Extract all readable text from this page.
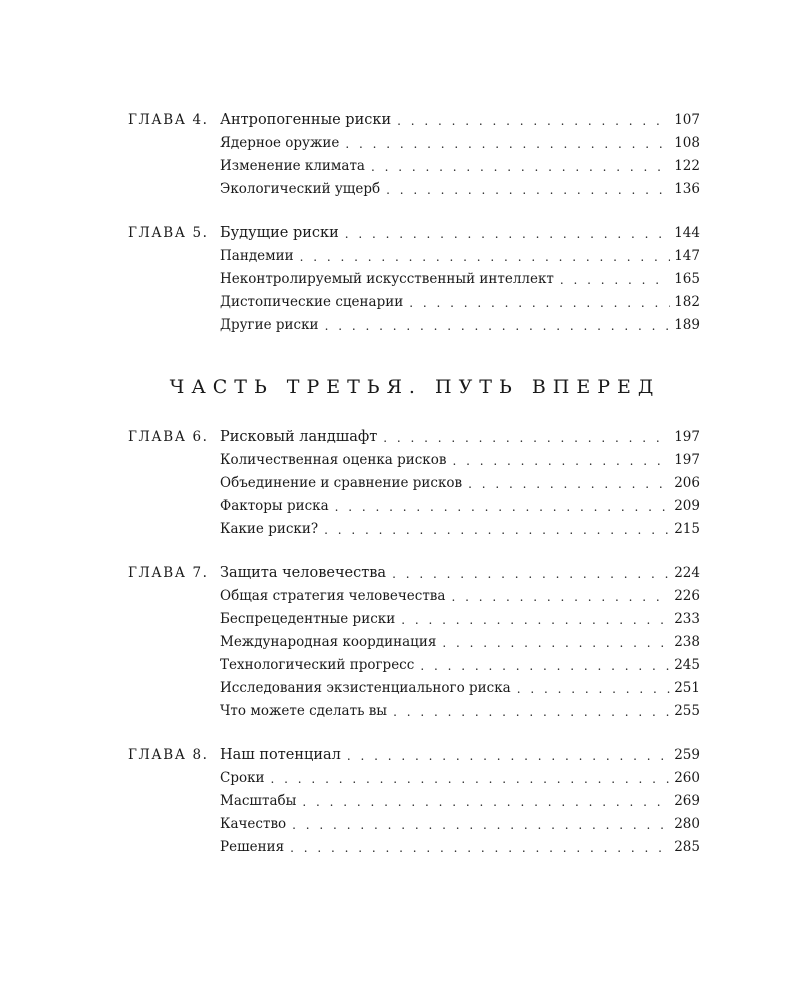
ГЛАВА 4. Антропогенные риски . . .	107
Ядерное оружие . . .	108
Изменение климата . . .	122
Экологический ущерб . . .	136
ГЛАВА 5. Будущие риски . . .	144
Пандемии . . .	147
Неконтролируемый искусственный интеллект . . .	165
Дистопические сценарии . . .	182
Другие риски . . .	189
ЧАСТЬ ТРЕТЬЯ. ПУТЬ ВПЕРЕД
ГЛАВА 6. Рисковый ландшафт . . .	197
Количественная оценка рисков . . .	197
Объединение и сравнение рисков . . .	206
Факторы риска . . .	209
Какие риски? . . .	215
ГЛАВА 7. Защита человечества . . .	224
Общая стратегия человечества . . .	226
Беспрецедентные риски . . .	233
Международная координация . . .	238
Технологический прогресс . . .	245
Исследования экзистенциального риска . . .	251
Что можете сделать вы . . .	255
ГЛАВА 8. Наш потенциал . . .	259
Сроки . . .	260
Масштабы . . .	269
Качество . . .	280
Решения . . .	285
